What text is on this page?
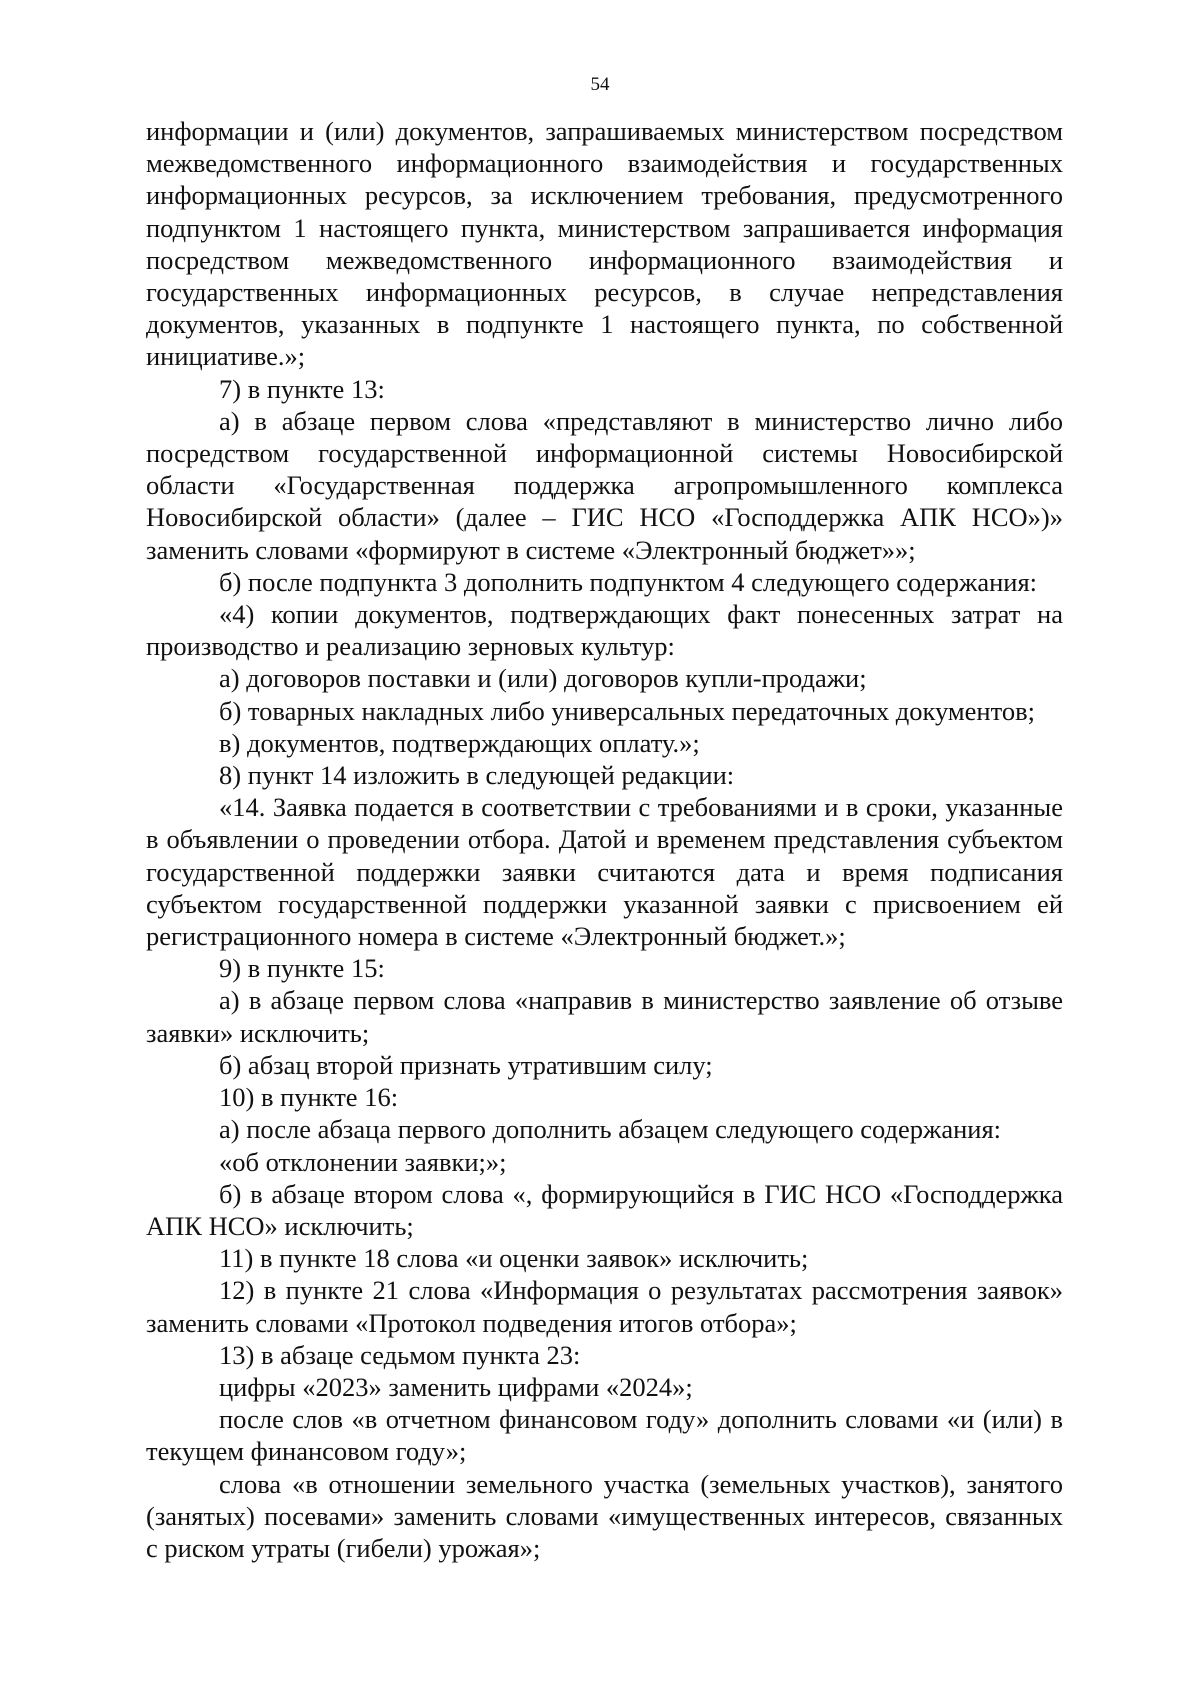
54

информации и (или) документов, запрашиваемых министерством посредством межведомственного информационного взаимодействия и государственных информационных ресурсов, за исключением требования, предусмотренного подпунктом 1 настоящего пункта, министерством запрашивается информация посредством межведомственного информационного взаимодействия и государственных информационных ресурсов, в случае непредставления документов, указанных в подпункте 1 настоящего пункта, по собственной инициативе.»;

7) в пункте 13:

а) в абзаце первом слова «представляют в министерство лично либо посредством государственной информационной системы Новосибирской области «Государственная поддержка агропромышленного комплекса Новосибирской области» (далее – ГИС НСО «Господдержка АПК НСО»)» заменить словами «формируют в системе «Электронный бюджет»»;

б) после подпункта 3 дополнить подпунктом 4 следующего содержания:

«4) копии документов, подтверждающих факт понесенных затрат на производство и реализацию зерновых культур:

а) договоров поставки и (или) договоров купли-продажи;

б) товарных накладных либо универсальных передаточных документов;

в) документов, подтверждающих оплату.»;

8) пункт 14 изложить в следующей редакции:

«14. Заявка подается в соответствии с требованиями и в сроки, указанные в объявлении о проведении отбора. Датой и временем представления субъектом государственной поддержки заявки считаются дата и время подписания субъектом государственной поддержки указанной заявки с присвоением ей регистрационного номера в системе «Электронный бюджет.»;

9) в пункте 15:

а) в абзаце первом слова «направив в министерство заявление об отзыве заявки» исключить;

б) абзац второй признать утратившим силу;

10) в пункте 16:

а) после абзаца первого дополнить абзацем следующего содержания:

«об отклонении заявки;»;

б) в абзаце втором слова «, формирующийся в ГИС НСО «Господдержка АПК НСО» исключить;

11) в пункте 18 слова «и оценки заявок» исключить;

12) в пункте 21 слова «Информация о результатах рассмотрения заявок» заменить словами «Протокол подведения итогов отбора»;

13) в абзаце седьмом пункта 23:

цифры «2023» заменить цифрами «2024»;

после слов «в отчетном финансовом году» дополнить словами «и (или) в текущем финансовом году»;

слова «в отношении земельного участка (земельных участков), занятого (занятых) посевами» заменить словами «имущественных интересов, связанных с риском утраты (гибели) урожая»;
